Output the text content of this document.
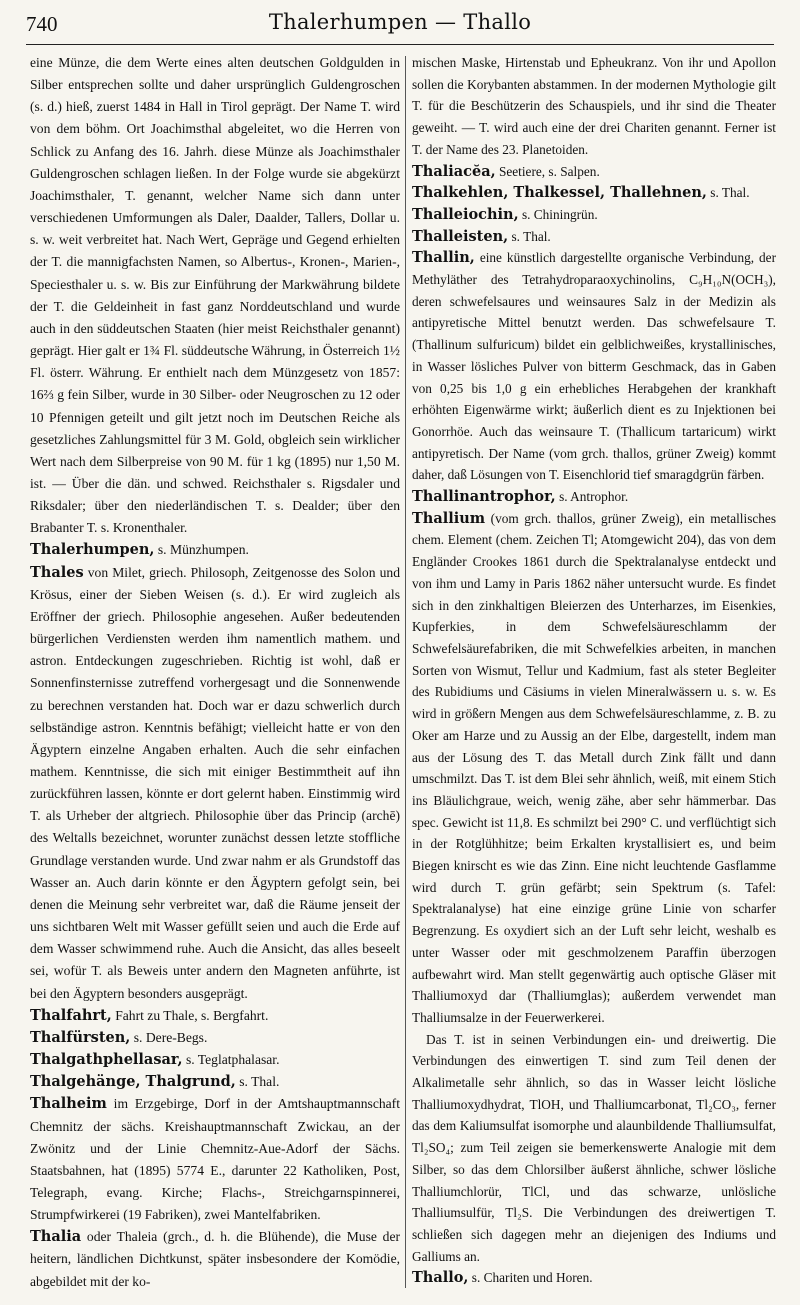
740	Thalerhumpen — Thallo

eine Münze, die dem Werte eines alten deutschen Goldgulden in Silber entsprechen sollte und daher ursprünglich Guldengroschen (s. d.) hieß, zuerst 1484 in Hall in Tirol geprägt. Der Name T. wird von dem böhm. Ort Joachimsthal abgeleitet, wo die Herren von Schlick zu Anfang des 16. Jahrh. diese Münze als Joachimsthaler Guldengroschen schlagen ließen. In der Folge wurde sie abgekürzt Joachimsthaler, T. genannt, welcher Name sich dann unter verschiedenen Umformungen als Daler, Daalder, Tallers, Dollar u. s. w. weit verbreitet hat. Nach Wert, Gepräge und Gegend erhielten der T. die mannigfachsten Namen, so Albertus-, Kronen-, Marien-, Speciesthaler u. s. w. Bis zur Einführung der Markwährung bildete der T. die Geldeinheit in fast ganz Norddeutschland und wurde auch in den süddeutschen Staaten (hier meist Reichsthaler genannt) geprägt. Hier galt er 1¾ Fl. süddeutsche Währung, in Österreich 1½ Fl. österr. Währung. Er enthielt nach dem Münzgesetz von 1857: 16⅔ g fein Silber, wurde in 30 Silber- oder Neugroschen zu 12 oder 10 Pfennigen geteilt und gilt jetzt noch im Deutschen Reiche als gesetzliches Zahlungsmittel für 3 M. Gold, obgleich sein wirklicher Wert nach dem Silberpreise von 90 M. für 1 kg (1895) nur 1,50 M. ist. — Über die dän. und schwed. Reichsthaler s. Rigsdaler und Riksdaler; über den niederländischen T. s. Dealder; über den Brabanter T. s. Kronenthaler.

Thalerhumpen, s. Münzhumpen.

Thales von Milet, griech. Philosoph, Zeitgenosse des Solon und Krösus, einer der Sieben Weisen (s. d.). Er wird zugleich als Eröffner der griech. Philosophie angesehen. Außer bedeutenden bürgerlichen Verdiensten werden ihm namentlich mathem. und astron. Entdeckungen zugeschrieben. Richtig ist wohl, daß er Sonnenfinsternisse zutreffend vorhergesagt und die Sonnenwende zu berechnen verstanden hat. Doch war er dazu schwerlich durch selbständige astron. Kenntnis befähigt; vielleicht hatte er von den Ägyptern einzelne Angaben erhalten. Auch die sehr einfachen mathem. Kenntnisse, die sich mit einiger Bestimmtheit auf ihn zurückführen lassen, könnte er dort gelernt haben. Einstimmig wird T. als Urheber der altgriech. Philosophie über das Princip (archē) des Weltalls bezeichnet, worunter zunächst dessen letzte stoffliche Grundlage verstanden wurde. Und zwar nahm er als Grundstoff das Wasser an. Auch darin könnte er den Ägyptern gefolgt sein, bei denen die Meinung sehr verbreitet war, daß die Räume jenseit der uns sichtbaren Welt mit Wasser gefüllt seien und auch die Erde auf dem Wasser schwimmend ruhe. Auch die Ansicht, das alles beseelt sei, wofür T. als Beweis unter andern den Magneten anführte, ist bei den Ägyptern besonders ausgeprägt.

Thalfahrt, Fahrt zu Thale, s. Bergfahrt.

Thalfürsten, s. Dere-Begs.

Thalgathphellasar, s. Teglatphalasar.

Thalgehänge, Thalgrund, s. Thal.

Thalheim im Erzgebirge, Dorf in der Amtshauptmannschaft Chemnitz der sächs. Kreishauptmannschaft Zwickau, an der Zwönitz und der Linie Chemnitz-Aue-Adorf der Sächs. Staatsbahnen, hat (1895) 5774 E., darunter 22 Katholiken, Post, Telegraph, evang. Kirche; Flachs-, Streichgarnspinnerei, Strumpfwirkerei (19 Fabriken), zwei Mantelfabriken.

Thalia oder Thaleia (grch., d. h. die Blühende), die Muse der heitern, ländlichen Dichtkunst, später insbesondere der Komödie, abgebildet mit der ko-

mischen Maske, Hirtenstab und Epheukranz. Von ihr und Apollon sollen die Korybanten abstammen. In der modernen Mythologie gilt T. für die Beschützerin des Schauspiels, und ihr sind die Theater geweiht. — T. wird auch eine der drei Chariten genannt. Ferner ist T. der Name des 23. Planetoiden.

Thaliacĕa, Seetiere, s. Salpen.

Thalkehlen, Thalkessel, Thallehnen, s. Thal.

Thalleiochin, s. Chiningrün.

Thalleisten, s. Thal.

Thallin, eine künstlich dargestellte organische Verbindung, der Methyläther des Tetrahydroparaoxychinolins, C₉H₁₀N(OCH₃), deren schwefelsaures und weinsaures Salz in der Medizin als antipyretische Mittel benutzt werden. Das schwefelsaure T. (Thallinum sulfuricum) bildet ein gelblichweißes, krystallinisches, in Wasser lösliches Pulver von bitterm Geschmack, das in Gaben von 0,25 bis 1,0 g ein erhebliches Herabgehen der krankhaft erhöhten Eigenwärme wirkt; äußerlich dient es zu Injektionen bei Gonorrhöe. Auch das weinsaure T. (Thallicum tartaricum) wirkt antipyretisch. Der Name (vom grch. thallos, grüner Zweig) kommt daher, daß Lösungen von T. Eisenchlorid tief smaragdgrün färben.

Thallinantrophor, s. Antrophor.

Thallium (vom grch. thallos, grüner Zweig), ein metallisches chem. Element (chem. Zeichen Tl; Atomgewicht 204), das von dem Engländer Crookes 1861 durch die Spektralanalyse entdeckt und von ihm und Lamy in Paris 1862 näher untersucht wurde. Es findet sich in den zinkhaltigen Bleierzen des Unterharzes, im Eisenkies, Kupferkies, in dem Schwefelsäureschlamm der Schwefelsäurefabriken, die mit Schwefelkies arbeiten, in manchen Sorten von Wismut, Tellur und Kadmium, fast als steter Begleiter des Rubidiums und Cäsiums in vielen Mineralwässern u. s. w. Es wird in größern Mengen aus dem Schwefelsäureschlamme, z. B. zu Oker am Harze und zu Aussig an der Elbe, dargestellt, indem man aus der Lösung des T. das Metall durch Zink fällt und dann umschmilzt. Das T. ist dem Blei sehr ähnlich, weiß, mit einem Stich ins Bläulichgraue, weich, wenig zähe, aber sehr hämmerbar. Das spec. Gewicht ist 11,8. Es schmilzt bei 290° C. und verflüchtigt sich in der Rotglühhitze; beim Erkalten krystallisiert es, und beim Biegen knirscht es wie das Zinn. Eine nicht leuchtende Gasflamme wird durch T. grün gefärbt; sein Spektrum (s. Tafel: Spektralanalyse) hat eine einzige grüne Linie von scharfer Begrenzung. Es oxydiert sich an der Luft sehr leicht, weshalb es unter Wasser oder mit geschmolzenem Paraffin überzogen aufbewahrt wird. Man stellt gegenwärtig auch optische Gläser mit Thalliumoxyd dar (Thalliumglas); außerdem verwendet man Thalliumsalze in der Feuerwerkerei.

Das T. ist in seinen Verbindungen ein- und dreiwertig. Die Verbindungen des einwertigen T. sind zum Teil denen der Alkalimetalle sehr ähnlich, so das in Wasser leicht lösliche Thalliumoxydhydrat, TlOH, und Thalliumcarbonat, Tl₂CO₃, ferner das dem Kaliumsulfat isomorphe und alaunbildende Thalliumsulfat, Tl₂SO₄; zum Teil zeigen sie bemerkenswerte Analogie mit dem Silber, so das dem Chlorsilber äußerst ähnliche, schwer lösliche Thalliumchlorür, TlCl, und das schwarze, unlösliche Thalliumsulfür, Tl₂S. Die Verbindungen des dreiwertigen T. schließen sich dagegen mehr an diejenigen des Indiums und Galliums an.

Thallo, s. Chariten und Horen.
